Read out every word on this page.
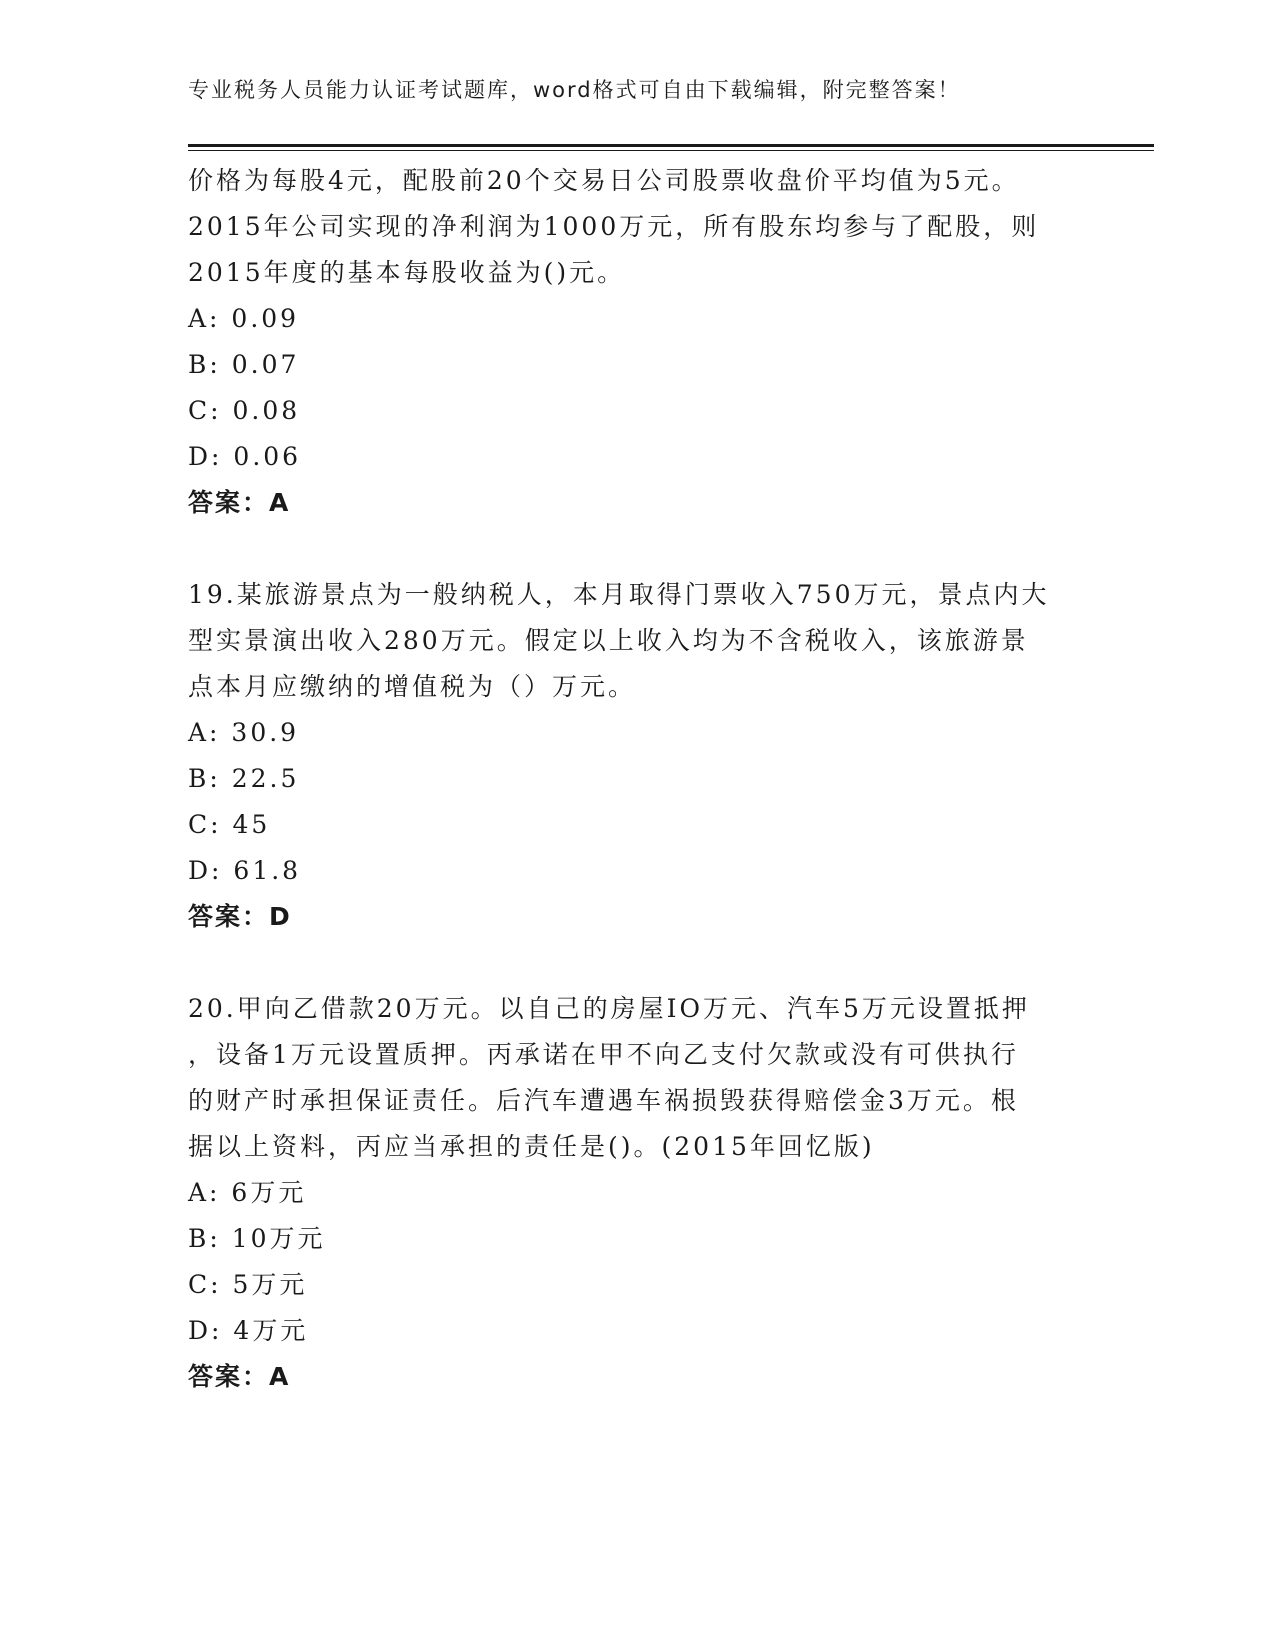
专业税务人员能力认证考试题库，word格式可自由下载编辑，附完整答案！

价格为每股4元，配股前20个交易日公司股票收盘价平均值为5元。

2015年公司实现的净利润为1000万元，所有股东均参与了配股，则

2015年度的基本每股收益为()元。

A: 0.09

B: 0.07

C: 0.08

D: 0.06

答案：A

19.某旅游景点为一般纳税人，本月取得门票收入750万元，景点内大

型实景演出收入280万元。假定以上收入均为不含税收入，该旅游景

点本月应缴纳的增值税为（）万元。

A: 30.9

B: 22.5

C: 45

D: 61.8

答案：D

20.甲向乙借款20万元。以自己的房屋IO万元、汽车5万元设置抵押

，设备1万元设置质押。丙承诺在甲不向乙支付欠款或没有可供执行

的财产时承担保证责任。后汽车遭遇车祸损毁获得赔偿金3万元。根

据以上资料，丙应当承担的责任是()。(2015年回忆版)

A: 6万元

B: 10万元

C: 5万元

D: 4万元

答案：A
